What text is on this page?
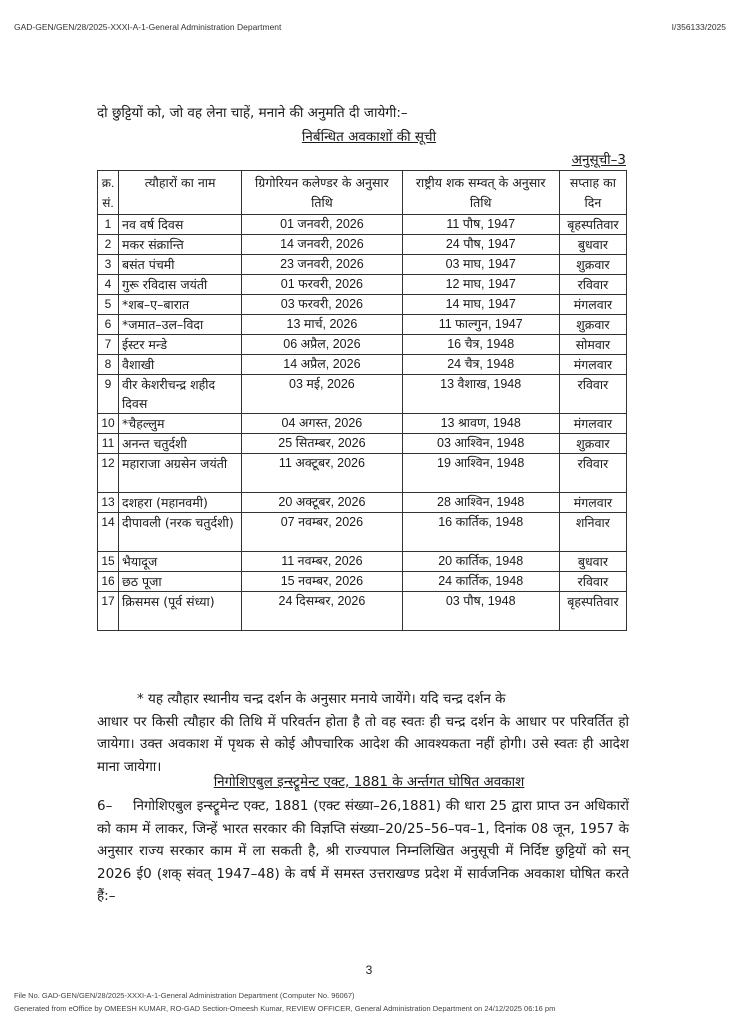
GAD-GEN/GEN/28/2025-XXXI-A-1-General Administration Department	I/356133/2025
दो छुट्टियों को, जो वह लेना चाहें, मनाने की अनुमति दी जायेगी:–
निर्बन्धित अवकाशों की सूची
अनुसूची–3
क्र. सं.	त्यौहारों का नाम	ग्रिगोरियन कलेण्डर के अनुसार तिथि	राष्ट्रीय शक सम्वत् के अनुसार तिथि	सप्ताह का दिन
1	नव वर्ष दिवस	01 जनवरी, 2026	11 पौष, 1947	बृहस्पतिवार
2	मकर संक्रान्ति	14 जनवरी, 2026	24 पौष, 1947	बुधवार
3	बसंत पंचमी	23 जनवरी, 2026	03 माघ, 1947	शुक्रवार
4	गुरू रविदास जयंती	01 फरवरी, 2026	12 माघ, 1947	रविवार
5	*शब–ए–बारात	03 फरवरी, 2026	14 माघ, 1947	मंगलवार
6	*जमात–उल–विदा	13 मार्च, 2026	11 फाल्गुन, 1947	शुक्रवार
7	ईस्टर मन्डे	06 अप्रैल, 2026	16 चैत्र, 1948	सोमवार
8	वैशाखी	14 अप्रैल, 2026	24 चैत्र, 1948	मंगलवार
9	वीर केशरीचन्द्र शहीद दिवस	03 मई, 2026	13 वैशाख, 1948	रविवार
10	*चैहल्लुम	04 अगस्त, 2026	13 श्रावण, 1948	मंगलवार
11	अनन्त चतुर्दशी	25 सितम्बर, 2026	03 आश्विन, 1948	शुक्रवार
12	महाराजा अग्रसेन जयंती	11 अक्टूबर, 2026	19 आश्विन, 1948	रविवार
13	दशहरा (महानवमी)	20 अक्टूबर, 2026	28 आश्विन, 1948	मंगलवार
14	दीपावली (नरक चतुर्दशी)	07 नवम्बर, 2026	16 कार्तिक, 1948	शनिवार
15	भैयादूज	11 नवम्बर, 2026	20 कार्तिक, 1948	बुधवार
16	छठ पूजा	15 नवम्बर, 2026	24 कार्तिक, 1948	रविवार
17	क्रिसमस (पूर्व संध्या)	24 दिसम्बर, 2026	03 पौष, 1948	बृहस्पतिवार
* यह त्यौहार स्थानीय चन्द्र दर्शन के अनुसार मनाये जायेंगे। यदि चन्द्र दर्शन के
आधार पर किसी त्यौहार की तिथि में परिवर्तन होता है तो वह स्वतः ही चन्द्र दर्शन के आधार पर परिवर्तित हो जायेगा। उक्त अवकाश में पृथक से कोई औपचारिक आदेश की आवश्यकता नहीं होगी। उसे स्वतः ही आदेश माना जायेगा।
निगोशिएबुल इन्स्ट्रूमेन्ट एक्ट, 1881 के अर्न्तगत घोषित अवकाश
6– निगोशिएबुल इन्स्ट्रूमेन्ट एक्ट, 1881 (एक्ट संख्या–26,1881) की धारा 25 द्वारा प्राप्त उन अधिकारों को काम में लाकर, जिन्हें भारत सरकार की विज्ञप्ति संख्या–20/25–56–पव–1, दिनांक 08 जून, 1957 के अनुसार राज्य सरकार काम में ला सकती है, श्री राज्यपाल निम्नलिखित अनुसूची में निर्दिष्ट छुट्टियों को सन् 2026 ई0 (शक् संवत् 1947–48) के वर्ष में समस्त उत्तराखण्ड प्रदेश में सार्वजनिक अवकाश घोषित करते हैं:–
3
File No. GAD-GEN/GEN/28/2025-XXXI-A-1-General Administration Department (Computer No. 96067)
Generated from eOffice by OMEESH KUMAR, RO-GAD Section-Omeesh Kumar, REVIEW OFFICER, General Administration Department on 24/12/2025 06:16 pm
